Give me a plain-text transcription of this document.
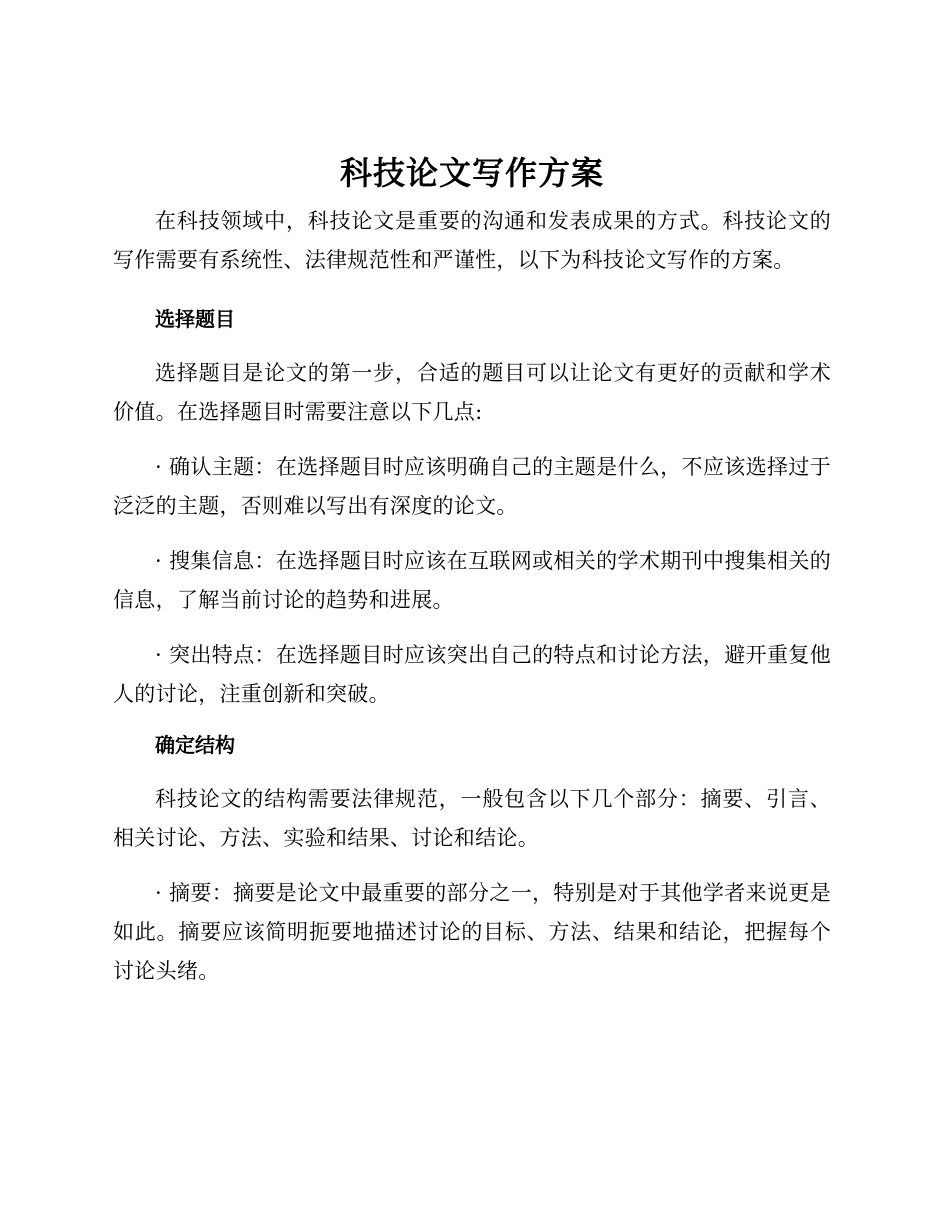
科技论文写作方案

在科技领域中，科技论文是重要的沟通和发表成果的方式。科技论文的写作需要有系统性、法律规范性和严谨性，以下为科技论文写作的方案。

选择题目

选择题目是论文的第一步，合适的题目可以让论文有更好的贡献和学术价值。在选择题目时需要注意以下几点:

· 确认主题：在选择题目时应该明确自己的主题是什么，不应该选择过于泛泛的主题，否则难以写出有深度的论文。

· 搜集信息：在选择题目时应该在互联网或相关的学术期刊中搜集相关的信息，了解当前讨论的趋势和进展。

· 突出特点：在选择题目时应该突出自己的特点和讨论方法，避开重复他人的讨论，注重创新和突破。

确定结构

科技论文的结构需要法律规范，一般包含以下几个部分：摘要、引言、相关讨论、方法、实验和结果、讨论和结论。

· 摘要：摘要是论文中最重要的部分之一，特别是对于其他学者来说更是如此。摘要应该简明扼要地描述讨论的目标、方法、结果和结论，把握每个讨论头绪。
